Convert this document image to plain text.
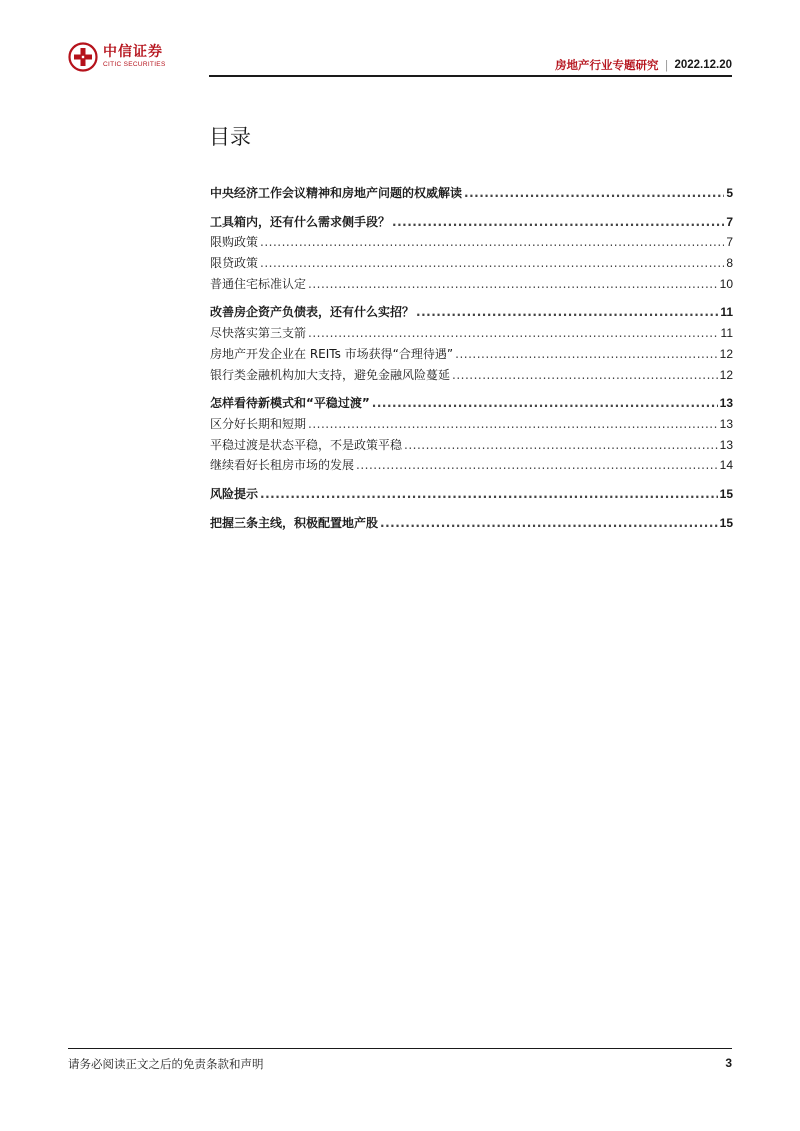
中信证券
CITIC SECURITIES	房地产行业专题研究 | 2022.12.20
目录
中央经济工作会议精神和房地产问题的权威解读 .....	5
工具箱内，还有什么需求侧手段？ .....	7
限购政策 .....	7
限贷政策 .....	8
普通住宅标准认定 .....	10
改善房企资产负债表，还有什么实招？ .....	11
尽快落实第三支箭 .....	11
房地产开发企业在 REITs 市场获得“合理待遇” .....	12
银行类金融机构加大支持，避免金融风险蔓延 .....	12
怎样看待新模式和“平稳过渡” .....	13
区分好长期和短期 .....	13
平稳过渡是状态平稳，不是政策平稳 .....	13
继续看好长租房市场的发展 .....	14
风险提示 .....	15
把握三条主线，积极配置地产股 .....	15
请务必阅读正文之后的免责条款和声明	3
